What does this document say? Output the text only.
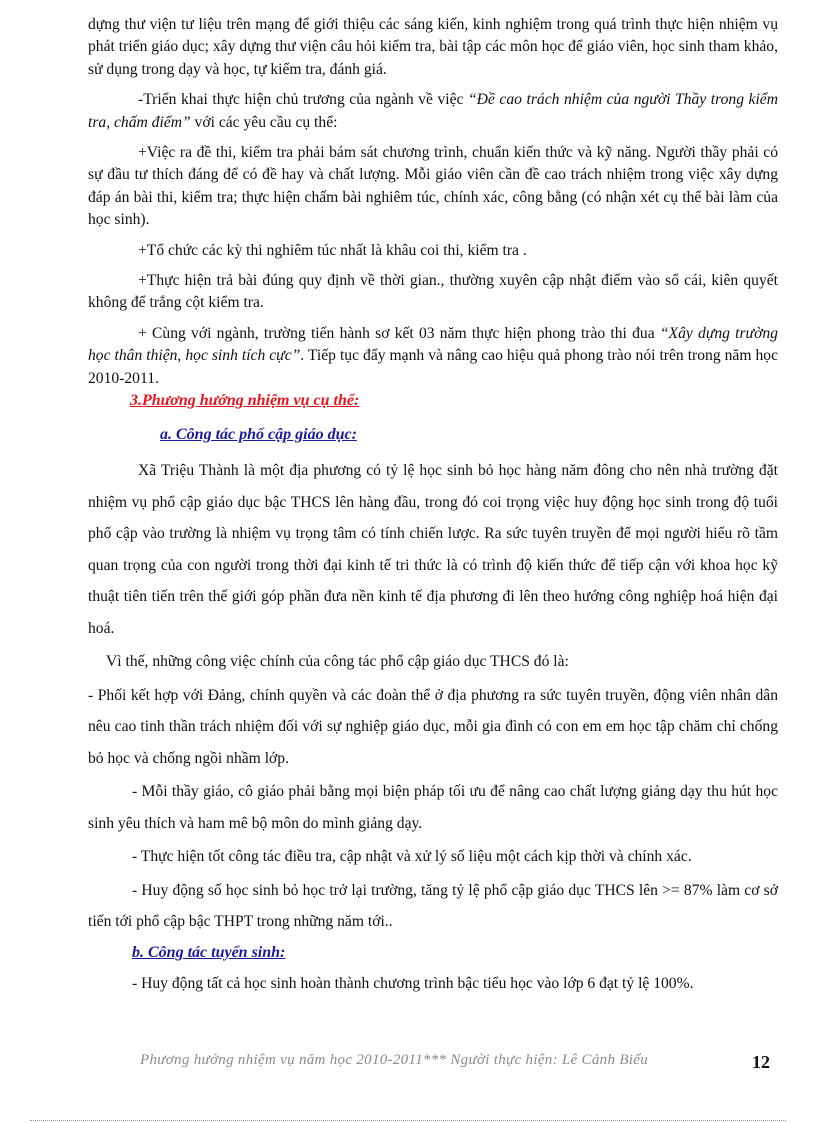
dựng thư viện tư liệu trên mạng để giới thiệu các sáng kiến, kinh nghiệm trong quá trình thực hiện nhiệm vụ phát triển giáo dục; xây dựng thư viện câu hỏi kiểm tra, bài tập các môn học để giáo viên, học sinh tham khảo, sử dụng trong dạy và học, tự kiểm tra, đánh giá.

-Triển khai thực hiện chủ trương của ngành về việc “Đề cao trách nhiệm của người Thầy trong kiểm tra, chấm điểm” với các yêu cầu cụ thể:

+Việc ra đề thi, kiểm tra phải bám sát chương trình, chuẩn kiến thức và kỹ năng. Người thầy phải có sự đầu tư thích đáng để có đề hay và chất lượng. Mỗi giáo viên cần đề cao trách nhiệm trong việc xây dựng đáp án bài thi, kiểm tra; thực hiện chấm bài nghiêm túc, chính xác, công bằng (có nhận xét cụ thể bài làm của học sinh).

+Tổ chức các kỳ thi nghiêm túc nhất là khâu coi thi, kiểm tra .

+Thực hiện trả bài đúng quy định về thời gian., thường xuyên cập nhật điểm vào sổ cái, kiên quyết không để trắng cột kiểm tra.

+ Cùng với ngành, trường tiến hành sơ kết 03 năm thực hiện phong trào thi đua “Xây dựng trường học thân thiện, học sinh tích cực”. Tiếp tục đẩy mạnh và nâng cao hiệu quả phong trào nói trên trong năm học 2010-2011.

3.Phương hướng nhiệm vụ cụ thể:

a. Công tác phổ cập giáo dục:

Xã Triệu Thành là một địa phương có tỷ lệ học sinh bỏ học hàng năm đông cho nên nhà trường đặt nhiệm vụ phổ cập giáo dục bậc THCS lên hàng đầu, trong đó coi trọng việc huy động học sinh trong độ tuổi phổ cập vào trường là nhiệm vụ trọng tâm có tính chiến lược. Ra sức tuyên truyền để mọi người hiểu rõ tầm quan trọng của con người trong thời đại kinh tế tri thức là có trình độ kiến thức để tiếp cận với khoa học kỹ thuật tiên tiến trên thế giới góp phần đưa nền kinh tế địa phương đi lên theo hướng công nghiệp hoá hiện đại hoá.

Vì thế, những công việc chính của công tác phổ cập giáo dục THCS đó là:

- Phối kết hợp với Đảng, chính quyền và các đoàn thể ở địa phương ra sức tuyên truyền, động viên nhân dân nêu cao tinh thần trách nhiệm đối với sự nghiệp giáo dục, mỗi gia đình có con em em học tập chăm chỉ chống bỏ học và chống ngồi nhầm lớp.

- Mỗi thầy giáo, cô giáo phải bằng mọi biện pháp tối ưu để nâng cao chất lượng giảng dạy thu hút học sinh yêu thích và ham mê bộ môn do mình giảng dạy.

- Thực hiện tốt công tác điều tra, cập nhật và xử lý số liệu một cách kịp thời và chính xác.

- Huy động số học sinh bỏ học trở lại trường, tăng tỷ lệ phổ cập giáo dục THCS lên >= 87% làm cơ sở tiến tới phổ cập bậc THPT trong những năm tới..

b. Công tác tuyển sinh:

- Huy động tất cả học sinh hoàn thành chương trình bậc tiểu học vào lớp 6 đạt tỷ lệ 100%.

Phương hướng nhiệm vụ năm học 2010-2011*** Người thực hiện: Lê Cảnh Biểu	12
